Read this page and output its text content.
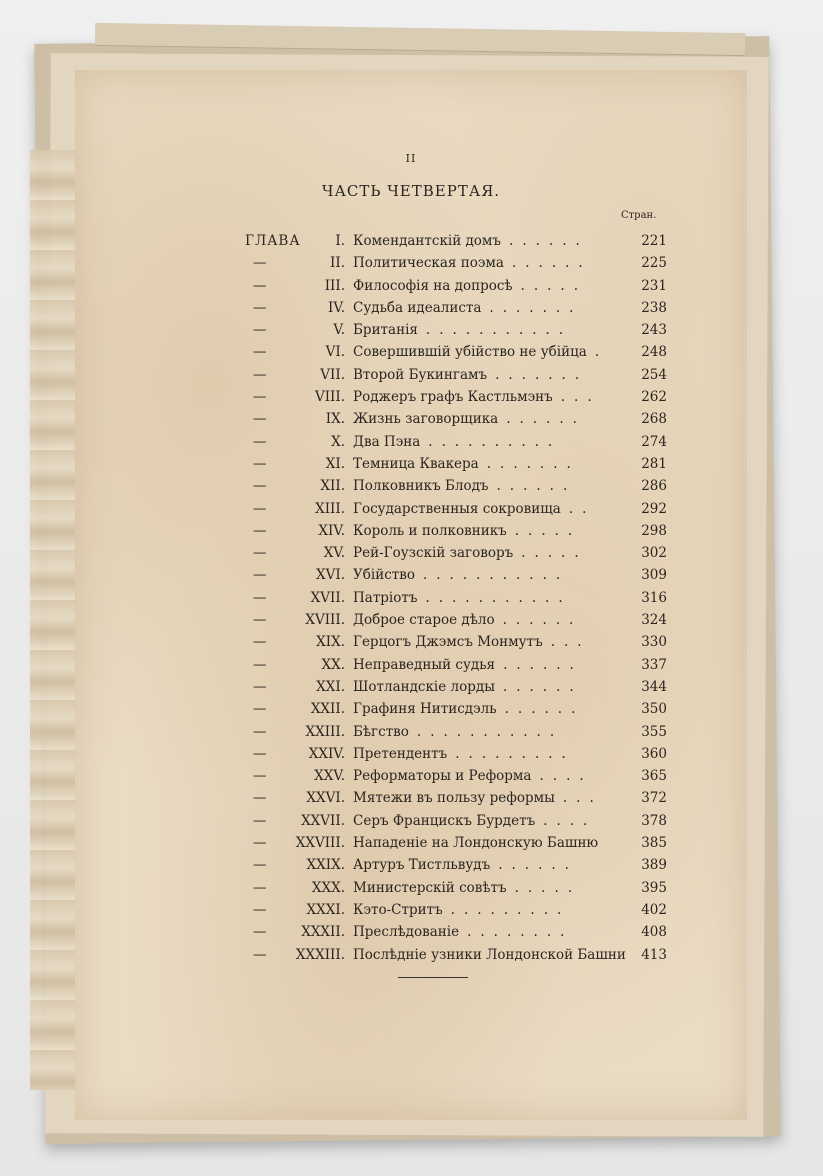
II
ЧАСТЬ ЧЕТВЕРТАЯ.
Стран.
ГЛАВА	I. Комендантскій домъ ......	221
—	II. Политическая поэма ......	225
—	III. Философія на допросѣ .....	231
—	IV. Судьба идеалиста .......	238
—	V. Британія ...........	243
—	VI. Совершившій убійство не убійца .	248
—	VII. Второй Букингамъ .......	254
—	VIII. Роджеръ графъ Кастльмэнъ ...	262
—	IX. Жизнь заговорщика ......	268
—	X. Два Пэна ..........	274
—	XI. Темница Квакера .......	281
—	XII. Полковникъ Блодъ ......	286
—	XIII. Государственныя сокровища ..	292
—	XIV. Король и полковникъ .....	298
—	XV. Рей-Гоузскій заговоръ .....	302
—	XVI. Убійство ...........	309
—	XVII. Патріотъ ...........	316
—	XVIII. Доброе старое дѣло ......	324
—	XIX. Герцогъ Джэмсъ Монмутъ ...	330
—	XX. Неправедный судья ......	337
—	XXI. Шотландскіе лорды ......	344
—	XXII. Графиня Нитисдэль ......	350
—	XXIII. Бѣгство ...........	355
—	XXIV. Претендентъ .........	360
—	XXV. Реформаторы и Реформа ....	365
—	XXVI. Мятежи въ пользу реформы ...	372
—	XXVII. Серъ Францискъ Бурдетъ ....	378
— XXVIII. Нападеніе на Лондонскую Башню	385
—	XXIX. Артуръ Тистльвудъ ......	389
—	XXX. Министерскій совѣтъ .....	395
—	XXXI. Кэто-Стритъ .........	402
—	XXXII. Преслѣдованіе ........	408
— XXXIII. Послѣдніе узники Лондонской Башни 413
